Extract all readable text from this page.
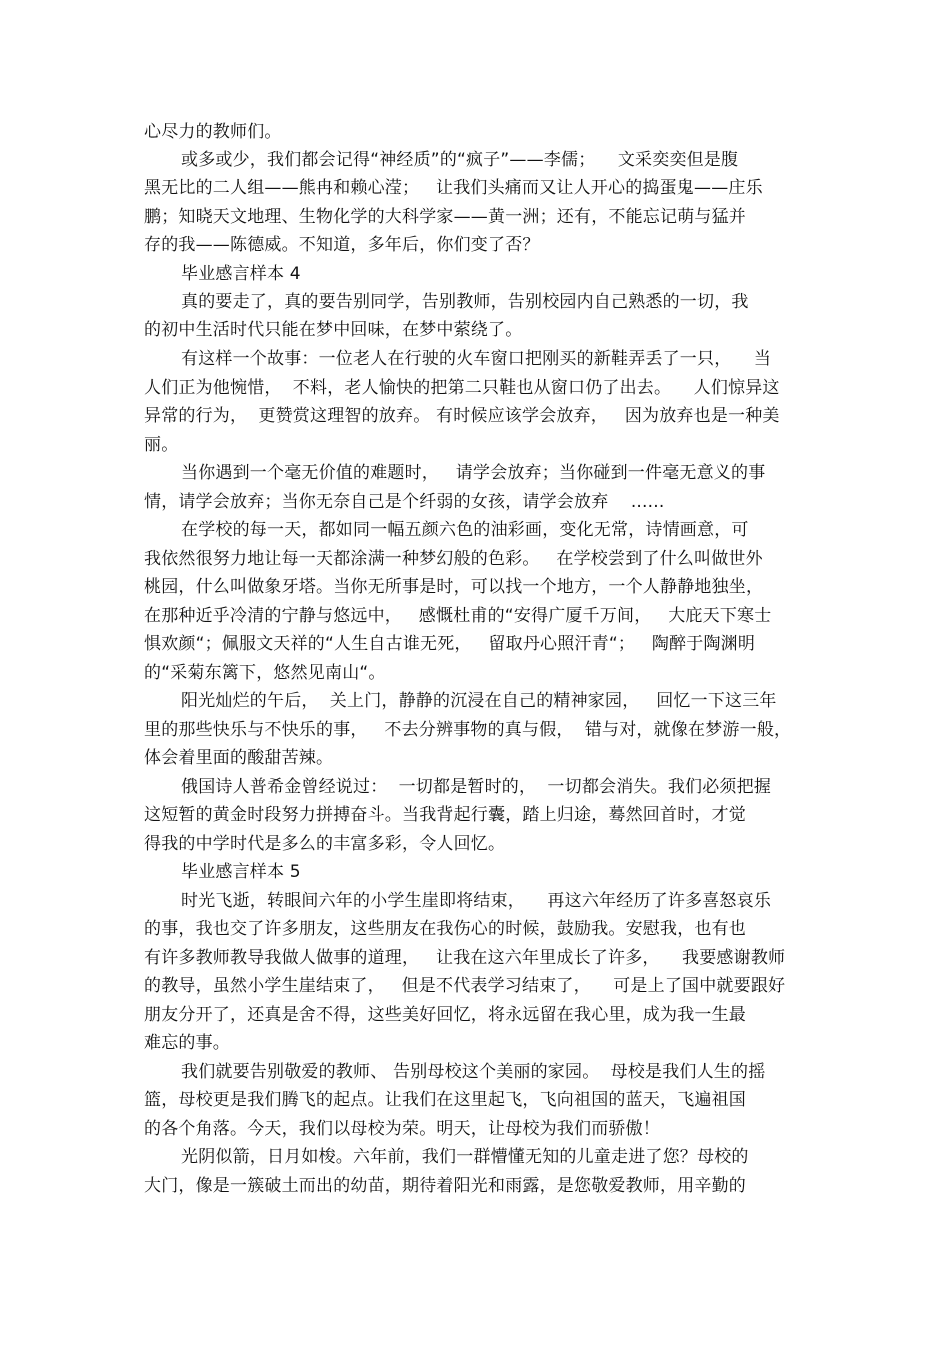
心尽力的教师们。
或多或少，我们都会记得“神经质”的“疯子”——李儒；    文采奕奕但是腹
黑无比的二人组——熊冉和赖心滢；   让我们头痛而又让人开心的捣蛋鬼——庄乐
鹏；知晓天文地理、生物化学的大科学家——黄一洲；还有，不能忘记萌与猛并
存的我——陈德威。不知道，多年后，你们变了否？
毕业感言样本 4
真的要走了，真的要告别同学，告别教师，告别校园内自己熟悉的一切，我
的初中生活时代只能在梦中回味，在梦中萦绕了。
有这样一个故事：一位老人在行驶的火车窗口把刚买的新鞋弄丢了一只，    当
人们正为他惋惜，  不料，老人愉快的把第二只鞋也从窗口仍了出去。    人们惊异这
异常的行为，  更赞赏这理智的放弃。 有时候应该学会放弃，   因为放弃也是一种美
丽。
当你遇到一个毫无价值的难题时，   请学会放弃；当你碰到一件毫无意义的事
情，请学会放弃；当你无奈自己是个纤弱的女孩，请学会放弃    ......
在学校的每一天，都如同一幅五颜六色的油彩画，变化无常，诗情画意，可
我依然很努力地让每一天都涂满一种梦幻般的色彩。   在学校尝到了什么叫做世外
桃园，什么叫做象牙塔。当你无所事是时，可以找一个地方，一个人静静地独坐，
在那种近乎冷清的宁静与悠远中，   感慨杜甫的“安得广厦千万间，   大庇天下寒士
惧欢颜“；佩服文天祥的“人生自古谁无死，   留取丹心照汗青“；   陶醉于陶渊明
的“采菊东篱下，悠然见南山“。
阳光灿烂的午后，  关上门，静静的沉浸在自己的精神家园，   回忆一下这三年
里的那些快乐与不快乐的事，   不去分辨事物的真与假，  错与对，就像在梦游一般，
体会着里面的酸甜苦辣。
俄国诗人普希金曾经说过：  一切都是暂时的，  一切都会消失。我们必须把握
这短暂的黄金时段努力拼搏奋斗。当我背起行囊，踏上归途，蓦然回首时，才觉
得我的中学时代是多么的丰富多彩，令人回忆。
毕业感言样本 5
时光飞逝，转眼间六年的小学生崖即将结束，    再这六年经历了许多喜怒哀乐
的事，我也交了许多朋友，这些朋友在我伤心的时候，鼓励我。安慰我，也有也
有许多教师教导我做人做事的道理，   让我在这六年里成长了许多，    我要感谢教师
的教导，虽然小学生崖结束了，   但是不代表学习结束了，    可是上了国中就要跟好
朋友分开了，还真是舍不得，这些美好回忆，将永远留在我心里，成为我一生最
难忘的事。
我们就要告别敬爱的教师、 告别母校这个美丽的家园。  母校是我们人生的摇
篮，母校更是我们腾飞的起点。让我们在这里起飞，飞向祖国的蓝天，飞遍祖国
的各个角落。今天，我们以母校为荣。明天，让母校为我们而骄傲！
光阴似箭，日月如梭。六年前，我们一群懵懂无知的儿童走进了您？母校的
大门，像是一簇破土而出的幼苗，期待着阳光和雨露，是您敬爱教师，用辛勤的
